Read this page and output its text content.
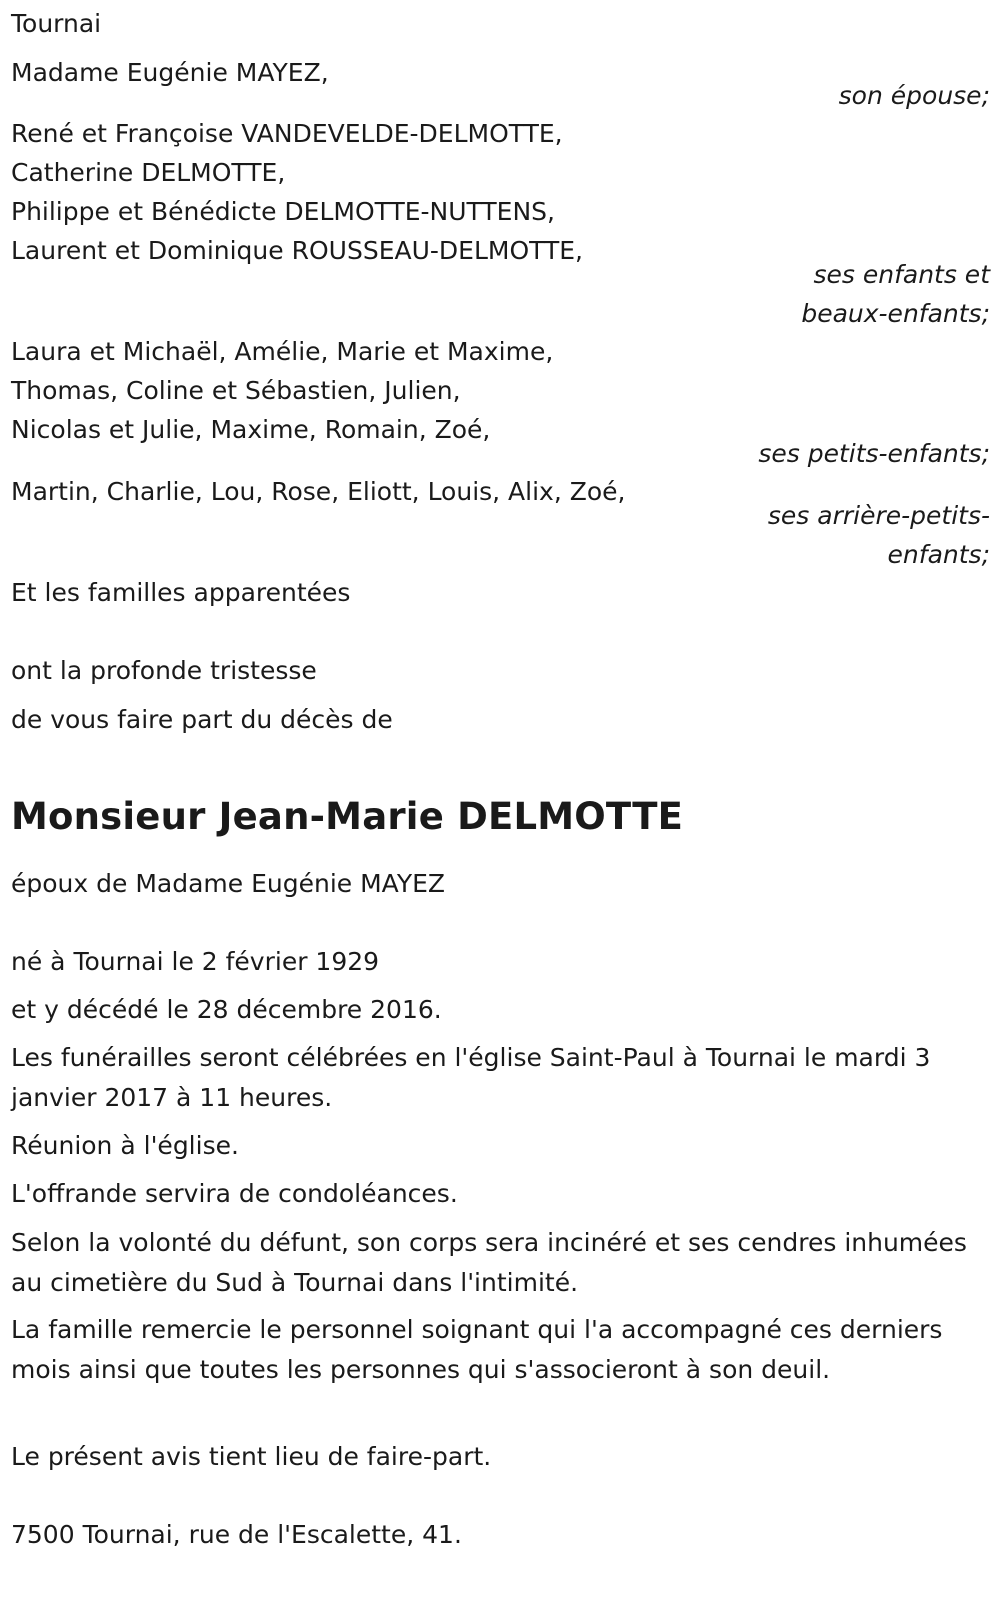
Tournai

Madame Eugénie MAYEZ,

son épouse;

René et Françoise VANDEVELDE-DELMOTTE,

Catherine DELMOTTE,

Philippe et Bénédicte DELMOTTE-NUTTENS,

Laurent et Dominique ROUSSEAU-DELMOTTE,

ses enfants et

beaux-enfants;

Laura et Michaël, Amélie, Marie et Maxime,

Thomas, Coline et Sébastien, Julien,

Nicolas et Julie, Maxime, Romain, Zoé,

ses petits-enfants;

Martin, Charlie, Lou, Rose, Eliott, Louis, Alix, Zoé,

ses arrière-petits-

enfants;

Et les familles apparentées

ont la profonde tristesse

de vous faire part du décès de

Monsieur Jean-Marie DELMOTTE

époux de Madame Eugénie MAYEZ

né à Tournai le 2 février 1929

et y décédé le 28 décembre 2016.

Les funérailles seront célébrées en l'église Saint-Paul à Tournai le mardi 3 janvier 2017 à 11 heures.

Réunion à l'église.

L'offrande servira de condoléances.

Selon la volonté du défunt, son corps sera incinéré et ses cendres inhumées au cimetière du Sud à Tournai dans l'intimité.

La famille remercie le personnel soignant qui l'a accompagné ces derniers mois ainsi que toutes les personnes qui s'associeront à son deuil.

Le présent avis tient lieu de faire-part.

7500 Tournai, rue de l'Escalette, 41.
